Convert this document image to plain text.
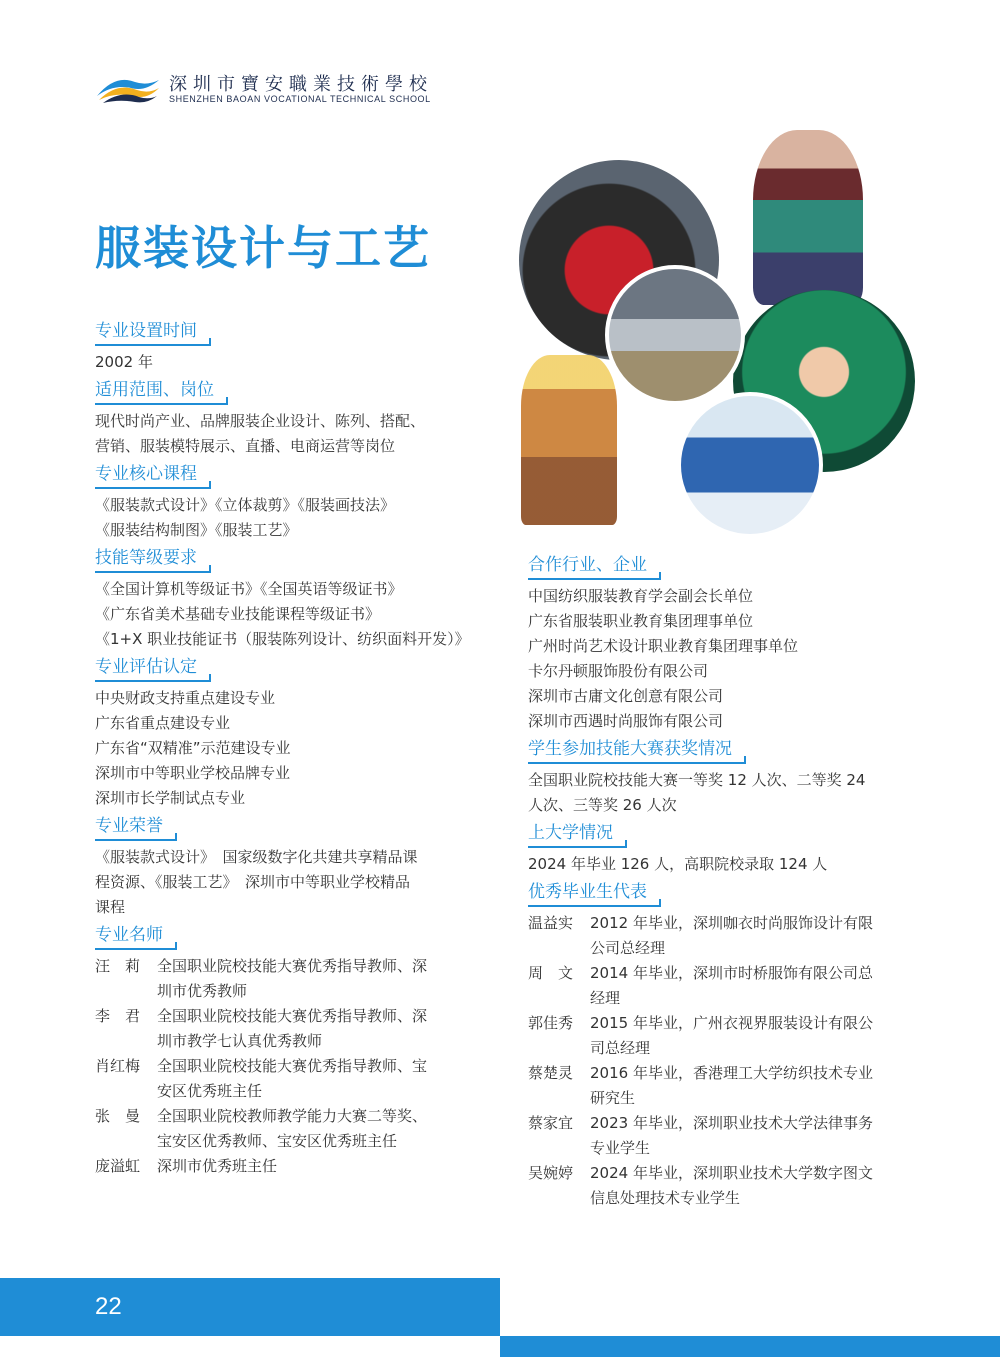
深圳市寶安職業技術學校
SHENZHEN BAOAN VOCATIONAL TECHNICAL SCHOOL
服装设计与工艺
专业设置时间
2002 年
适用范围、岗位
现代时尚产业、品牌服装企业设计、陈列、搭配、
营销、服装模特展示、直播、电商运营等岗位
专业核心课程
《服装款式设计》《立体裁剪》《服装画技法》
《服装结构制图》《服装工艺》
技能等级要求
《全国计算机等级证书》《全国英语等级证书》
《广东省美术基础专业技能课程等级证书》
《1+X 职业技能证书（服装陈列设计、纺织面料开发）》
专业评估认定
中央财政支持重点建设专业
广东省重点建设专业
广东省“双精准”示范建设专业
深圳市中等职业学校品牌专业
深圳市长学制试点专业
专业荣誉
《服装款式设计》　国家级数字化共建共享精品课
程资源、《服装工艺》　深圳市中等职业学校精品
课程
专业名师
汪　莉	全国职业院校技能大赛优秀指导教师、深
圳市优秀教师
李　君	全国职业院校技能大赛优秀指导教师、深
圳市教学七认真优秀教师
肖红梅	全国职业院校技能大赛优秀指导教师、宝
安区优秀班主任
张　曼	全国职业院校教师教学能力大赛二等奖、
宝安区优秀教师、宝安区优秀班主任
庞溢虹	深圳市优秀班主任
合作行业、企业
中国纺织服装教育学会副会长单位
广东省服装职业教育集团理事单位
广州时尚艺术设计职业教育集团理事单位
卡尔丹顿服饰股份有限公司
深圳市古庸文化创意有限公司
深圳市西遇时尚服饰有限公司
学生参加技能大赛获奖情况
全国职业院校技能大赛一等奖 12 人次、二等奖 24
人次、三等奖 26 人次
上大学情况
2024 年毕业 126 人，高职院校录取 124 人
优秀毕业生代表
温益实	2012 年毕业，深圳咖衣时尚服饰设计有限
公司总经理
周　文	2014 年毕业，深圳市时桥服饰有限公司总
经理
郭佳秀	2015 年毕业，广州衣视界服装设计有限公
司总经理
蔡楚灵	2016 年毕业，香港理工大学纺织技术专业
研究生
蔡家宜	2023 年毕业，深圳职业技术大学法律事务
专业学生
吴婉婷	2024 年毕业，深圳职业技术大学数字图文
信息处理技术专业学生
22
